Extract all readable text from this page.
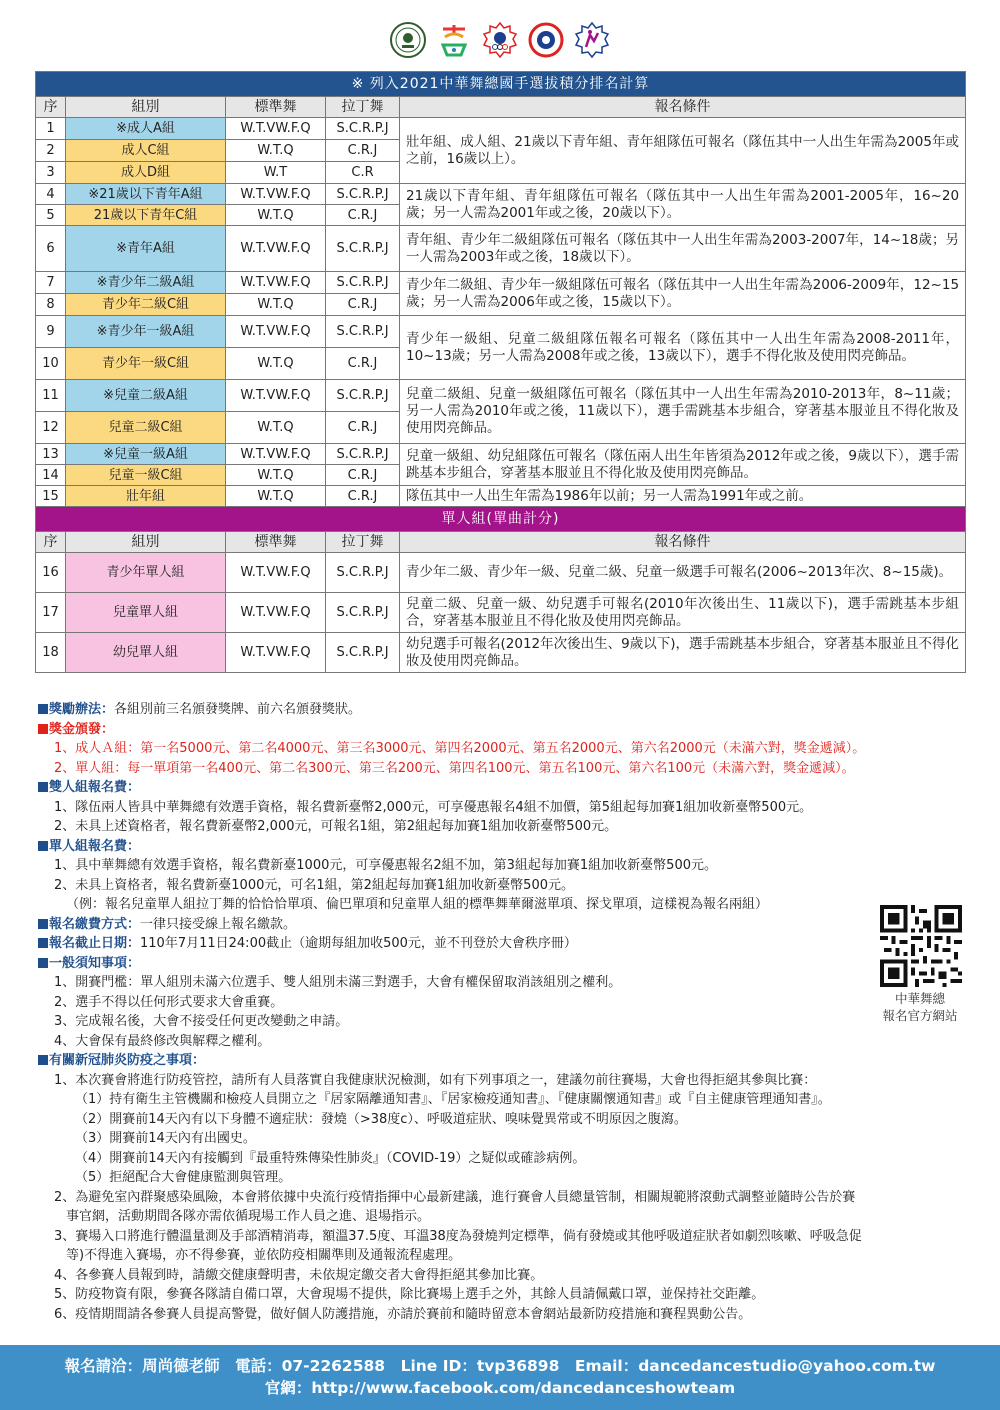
※ 列入2021中華舞總國手選拔積分排名計算				
序	組別	標準舞	拉丁舞	報名條件
1	※成人A組	W.T.VW.F.Q	S.C.R.P.J	壯年組、成人組、21歲以下青年組、青年組隊伍可報名（隊伍其中一人出生年需為2005年或之前，16歲以上）。
2	成人C組	W.T.Q	C.R.J	
3	成人D組	W.T	C.R	
4	※21歲以下青年A組	W.T.VW.F.Q	S.C.R.P.J	21歲以下青年組、青年組隊伍可報名（隊伍其中一人出生年需為2001-2005年，16~20歲；另一人需為2001年或之後，20歲以下）。
5	21歲以下青年C組	W.T.Q	C.R.J	
6	※青年A組	W.T.VW.F.Q	S.C.R.P.J	青年組、青少年二級組隊伍可報名（隊伍其中一人出生年需為2003-2007年，14~18歲；另一人需為2003年或之後，18歲以下）。
7	※青少年二級A組	W.T.VW.F.Q	S.C.R.P.J	青少年二級組、青少年一級組隊伍可報名（隊伍其中一人出生年需為2006-2009年，12~15歲；另一人需為2006年或之後，15歲以下）。
8	青少年二級C組	W.T.Q	C.R.J	
9	※青少年一級A組	W.T.VW.F.Q	S.C.R.P.J	青少年一級組、兒童二級組隊伍報名可報名（隊伍其中一人出生年需為2008-2011年，10~13歲；另一人需為2008年或之後，13歲以下），選手不得化妝及使用閃亮飾品。
10	青少年一級C組	W.T.Q	C.R.J	
11	※兒童二級A組	W.T.VW.F.Q	S.C.R.P.J	兒童二級組、兒童一級組隊伍可報名（隊伍其中一人出生年需為2010-2013年，8~11歲；另一人需為2010年或之後，11歲以下），選手需跳基本步組合，穿著基本服並且不得化妝及使用閃亮飾品。
12	兒童二級C組	W.T.Q	C.R.J	
13	※兒童一級A組	W.T.VW.F.Q	S.C.R.P.J	兒童一級組、幼兒組隊伍可報名（隊伍兩人出生年皆須為2012年或之後，9歲以下），選手需跳基本步組合，穿著基本服並且不得化妝及使用閃亮飾品。
14	兒童一級C組	W.T.Q	C.R.J	
15	壯年組	W.T.Q	C.R.J	隊伍其中一人出生年需為1986年以前；另一人需為1991年或之前。
單人組(單曲計分)				
序	組別	標準舞	拉丁舞	報名條件
16	青少年單人組	W.T.VW.F.Q	S.C.R.P.J	青少年二級、青少年一級、兒童二級、兒童一級選手可報名(2006~2013年次、8~15歲)。
17	兒童單人組	W.T.VW.F.Q	S.C.R.P.J	兒童二級、兒童一級、幼兒選手可報名(2010年次後出生、11歲以下)，選手需跳基本步組合，穿著基本服並且不得化妝及使用閃亮飾品。
18	幼兒單人組	W.T.VW.F.Q	S.C.R.P.J	幼兒選手可報名(2012年次後出生、9歲以下)，選手需跳基本步組合，穿著基本服並且不得化妝及使用閃亮飾品。

獎勵辦法：各組別前三名頒發獎牌、前六名頒發獎狀。

獎金頒發：

1、成人Ａ組：第一名5000元、第二名4000元、第三名3000元、第四名2000元、第五名2000元、第六名2000元（未滿六對，獎金遞減）。

2、單人組：每一單項第一名400元、第二名300元、第三名200元、第四名100元、第五名100元、第六名100元（未滿六對，獎金遞減）。

雙人組報名費：

1、隊伍兩人皆具中華舞總有效選手資格，報名費新臺幣2,000元，可享優惠報名4組不加價，第5組起每加賽1組加收新臺幣500元。

2、未具上述資格者，報名費新臺幣2,000元，可報名1組，第2組起每加賽1組加收新臺幣500元。

單人組報名費：

1、具中華舞總有效選手資格，報名費新臺1000元，可享優惠報名2組不加，第3組起每加賽1組加收新臺幣500元。

2、未具上資格者，報名費新臺1000元，可名1組，第2組起每加賽1組加收新臺幣500元。

（例：報名兒童單人組拉丁舞的恰恰恰單項、倫巴單項和兒童單人組的標準舞華爾滋單項、探戈單項，這樣視為報名兩組）

報名繳費方式：一律只接受線上報名繳款。

報名截止日期：110年7月11日24:00截止（逾期每組加收500元，並不刊登於大會秩序冊）

一般須知事項：

1、開賽門檻：單人組別未滿六位選手、雙人組別未滿三對選手，大會有權保留取消該組別之權利。

2、選手不得以任何形式要求大會重賽。

3、完成報名後，大會不接受任何更改變動之申請。

4、大會保有最終修改與解釋之權利。

有關新冠肺炎防疫之事項：

1、本次賽會將進行防疫管控，請所有人員落實自我健康狀況檢測，如有下列事項之一，建議勿前往賽場，大會也得拒絕其參與比賽：

（1）持有衛生主管機關和檢疫人員開立之『居家隔離通知書』、『居家檢疫通知書』、『健康關懷通知書』或『自主健康管理通知書』。

（2）開賽前14天內有以下身體不適症狀：發燒（>38度c）、呼吸道症狀、嗅味覺異常或不明原因之腹瀉。

（3）開賽前14天內有出國史。

（4）開賽前14天內有接觸到『最重特殊傳染性肺炎』（COVID-19）之疑似或確診病例。

（5）拒絕配合大會健康監測與管理。

2、為避免室內群聚感染風險，本會將依據中央流行疫情指揮中心最新建議，進行賽會人員總量管制，相關規範將滾動式調整並隨時公告於賽

事官網，活動期間各隊亦需依循現場工作人員之進、退場指示。

3、賽場入口將進行體溫量測及手部酒精消毒，額溫37.5度、耳溫38度為發燒判定標準，倘有發燒或其他呼吸道症狀者如劇烈咳嗽、呼吸急促

等)不得進入賽場，亦不得參賽，並依防疫相關準則及通報流程處理。

4、各參賽人員報到時，請繳交健康聲明書，未依規定繳交者大會得拒絕其參加比賽。

5、防疫物資有限，參賽各隊請自備口罩，大會現場不提供，除比賽場上選手之外，其餘人員請佩戴口罩，並保持社交距離。

6、疫情期間請各參賽人員提高警覺，做好個人防護措施，亦請於賽前和隨時留意本會網站最新防疫措施和賽程異動公告。

中華舞總
報名官方網站
報名請洽：周尚德老師　電話：07-2262588　Line ID：tvp36898　Email：dancedancestudio@yahoo.com.tw
官網：http://www.facebook.com/dancedanceshowteam
